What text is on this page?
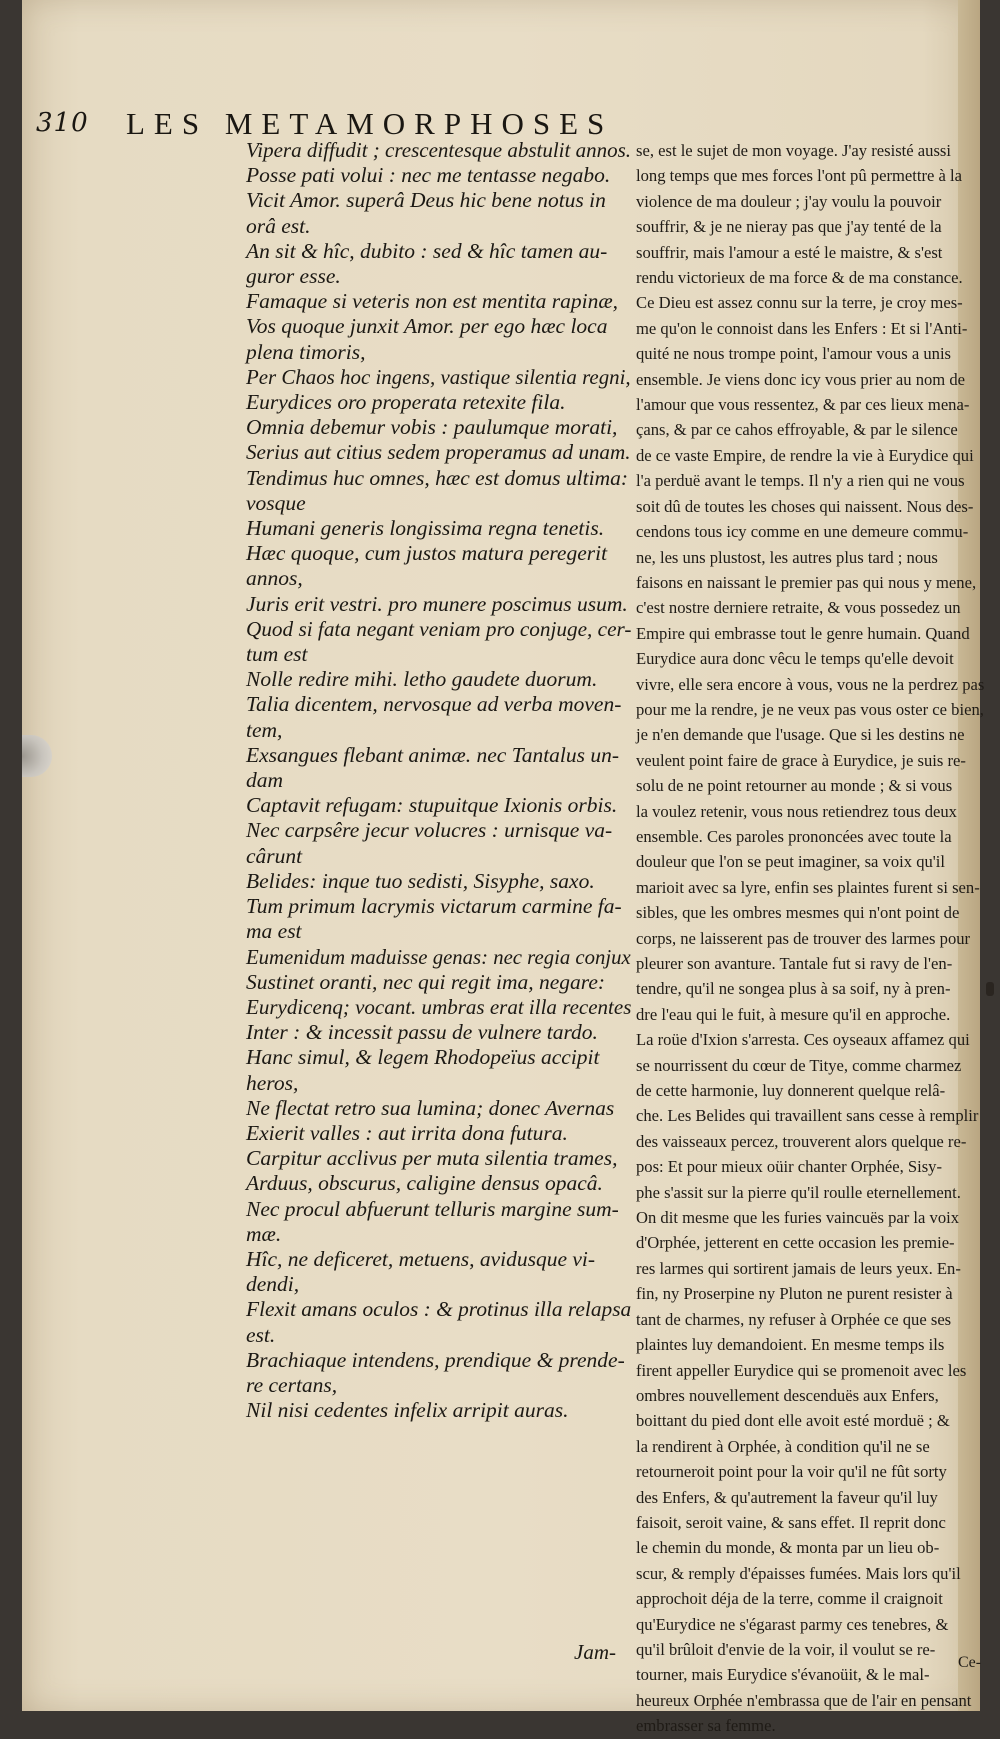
310 LES METAMORPHOSES
Vipera diffudit ; crescentesque abstulit annos.
Posse pati volui : nec me tentasse negabo.
Vicit Amor. superâ Deus hic bene notus in
orâ est.
An sit & hîc, dubito : sed & hîc tamen au-
guror esse.
Famaque si veteris non est mentita rapinæ,
Vos quoque junxit Amor. per ego hæc loca
plena timoris,
Per Chaos hoc ingens, vastique silentia regni,
Eurydices oro properata retexite fila.
Omnia debemur vobis : paulumque morati,
Serius aut citius sedem properamus ad unam.
Tendimus huc omnes, hæc est domus ultima:
vosque
Humani generis longissima regna tenetis.
Hæc quoque, cum justos matura peregerit
annos,
Juris erit vestri. pro munere poscimus usum.
Quod si fata negant veniam pro conjuge, cer-
tum est
Nolle redire mihi. letho gaudete duorum.
Talia dicentem, nervosque ad verba moven-
tem,
Exsangues flebant animæ. nec Tantalus un-
dam
Captavit refugam: stupuitque Ixionis orbis.
Nec carpsêre jecur volucres : urnisque va-
cârunt
Belides: inque tuo sedisti, Sisyphe, saxo.
Tum primum lacrymis victarum carmine fa-
ma est
Eumenidum maduisse genas: nec regia conjux
Sustinet oranti, nec qui regit ima, negare:
Eurydicenq; vocant. umbras erat illa recentes
Inter : & incessit passu de vulnere tardo.
Hanc simul, & legem Rhodopeïus accipit
heros,
Ne flectat retro sua lumina; donec Avernas
Exierit valles : aut irrita dona futura.
Carpitur acclivus per muta silentia trames,
Arduus, obscurus, caligine densus opacâ.
Nec procul abfuerunt telluris margine sum-
mæ.
Hîc, ne deficeret, metuens, avidusque vi-
dendi,
Flexit amans oculos : & protinus illa relapsa
est.
Brachiaque intendens, prendique & prende-
re certans,
Nil nisi cedentes infelix arripit auras.
Jam-
se, est le sujet de mon voyage. J'ay resisté aussi
long temps que mes forces l'ont pû permettre à la
violence de ma douleur ; j'ay voulu la pouvoir
souffrir, & je ne nieray pas que j'ay tenté de la
souffrir, mais l'amour a esté le maistre, & s'est
rendu victorieux de ma force & de ma constance.
Ce Dieu est assez connu sur la terre, je croy mes-
me qu'on le connoist dans les Enfers : Et si l'Anti-
quité ne nous trompe point, l'amour vous a unis
ensemble. Je viens donc icy vous prier au nom de
l'amour que vous ressentez, & par ces lieux mena-
çans, & par ce cahos effroyable, & par le silence
de ce vaste Empire, de rendre la vie à Eurydice qui
l'a perduë avant le temps. Il n'y a rien qui ne vous
soit dû de toutes les choses qui naissent. Nous des-
cendons tous icy comme en une demeure commu-
ne, les uns plustost, les autres plus tard ; nous
faisons en naissant le premier pas qui nous y mene,
c'est nostre derniere retraite, & vous possedez un
Empire qui embrasse tout le genre humain. Quand
Eurydice aura donc vêcu le temps qu'elle devoit
vivre, elle sera encore à vous, vous ne la perdrez pas
pour me la rendre, je ne veux pas vous oster ce bien,
je n'en demande que l'usage. Que si les destins ne
veulent point faire de grace à Eurydice, je suis re-
solu de ne point retourner au monde ; & si vous
la voulez retenir, vous nous retiendrez tous deux
ensemble. Ces paroles prononcées avec toute la
douleur que l'on se peut imaginer, sa voix qu'il
marioit avec sa lyre, enfin ses plaintes furent si sen-
sibles, que les ombres mesmes qui n'ont point de
corps, ne laisserent pas de trouver des larmes pour
pleurer son avanture. Tantale fut si ravy de l'en-
tendre, qu'il ne songea plus à sa soif, ny à pren-
dre l'eau qui le fuit, à mesure qu'il en approche.
La roüe d'Ixion s'arresta. Ces oyseaux affamez qui
se nourrissent du cœur de Titye, comme charmez
de cette harmonie, luy donnerent quelque relâ-
che. Les Belides qui travaillent sans cesse à remplir
des vaisseaux percez, trouverent alors quelque re-
pos: Et pour mieux oüir chanter Orphée, Sisy-
phe s'assit sur la pierre qu'il roulle eternellement.
On dit mesme que les furies vaincuës par la voix
d'Orphée, jetterent en cette occasion les premie-
res larmes qui sortirent jamais de leurs yeux. En-
fin, ny Proserpine ny Pluton ne purent resister à
tant de charmes, ny refuser à Orphée ce que ses
plaintes luy demandoient. En mesme temps ils
firent appeller Eurydice qui se promenoit avec les
ombres nouvellement descenduës aux Enfers,
boittant du pied dont elle avoit esté morduë ; &
la rendirent à Orphée, à condition qu'il ne se
retourneroit point pour la voir qu'il ne fût sorty
des Enfers, & qu'autrement la faveur qu'il luy
faisoit, seroit vaine, & sans effet. Il reprit donc
le chemin du monde, & monta par un lieu ob-
scur, & remply d'épaisses fumées. Mais lors qu'il
approchoit déja de la terre, comme il craignoit
qu'Eurydice ne s'égarast parmy ces tenebres, &
qu'il brûloit d'envie de la voir, il voulut se re-
tourner, mais Eurydice s'évanoüit, & le mal-
heureux Orphée n'embrassa que de l'air en pensant
embrasser sa femme.
Ce-
